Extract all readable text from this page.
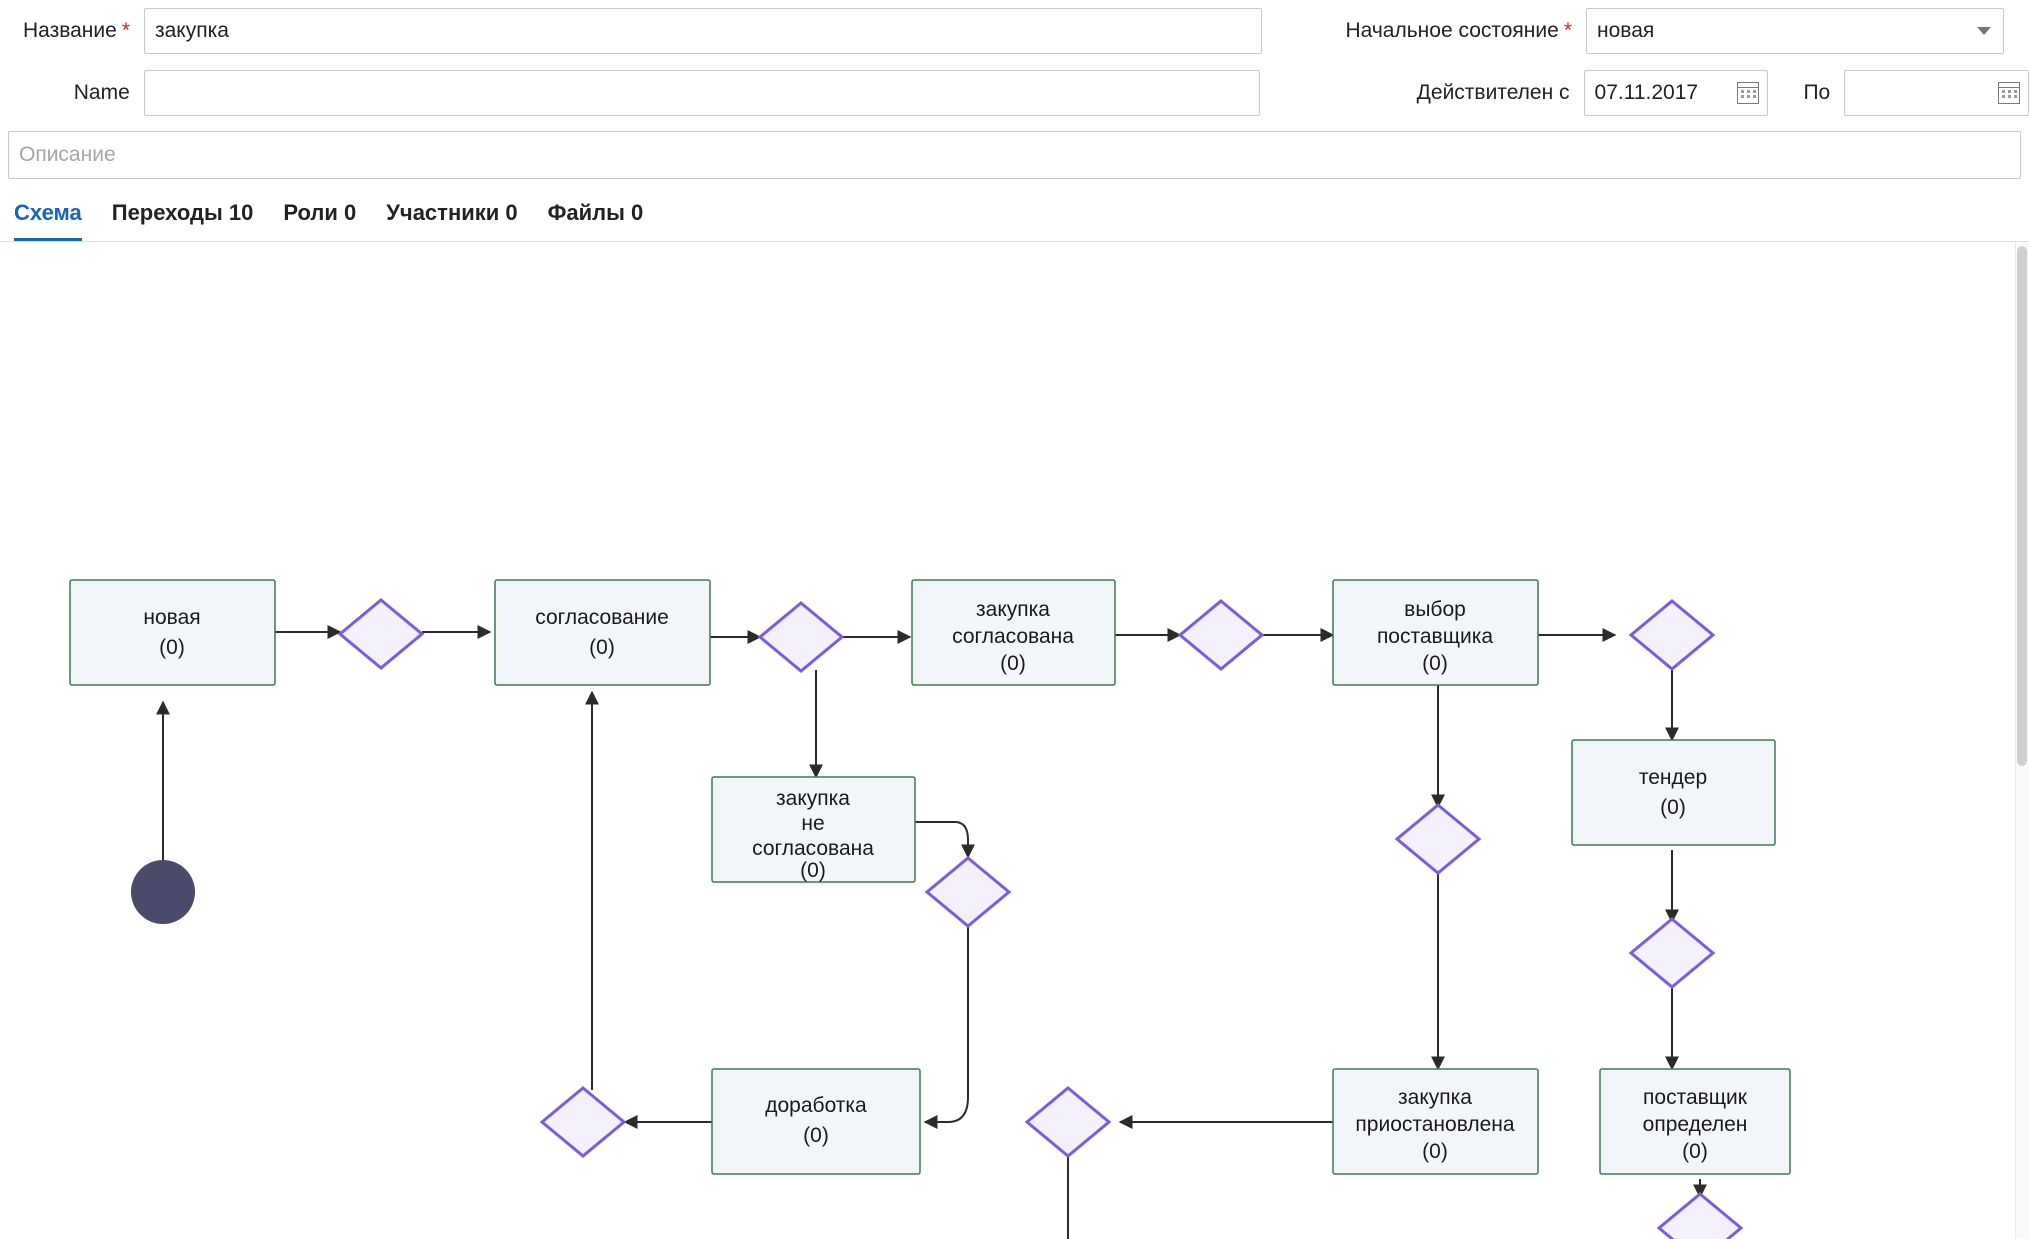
Название * закупка	Начальное состояние * новая
Name	Действителен с 07.11.2017	По
Описание
Схема Переходы 10 Роли 0 Участники 0 Файлы 0
новая
(0)
согласование
(0)
закупка
согласована
(0)
выбор
поставщика
(0)
тендер
(0)
закупка
не
согласована
(0)
доработка
(0)
закупка
приостановлена
(0)
поставщик
определен
(0)
